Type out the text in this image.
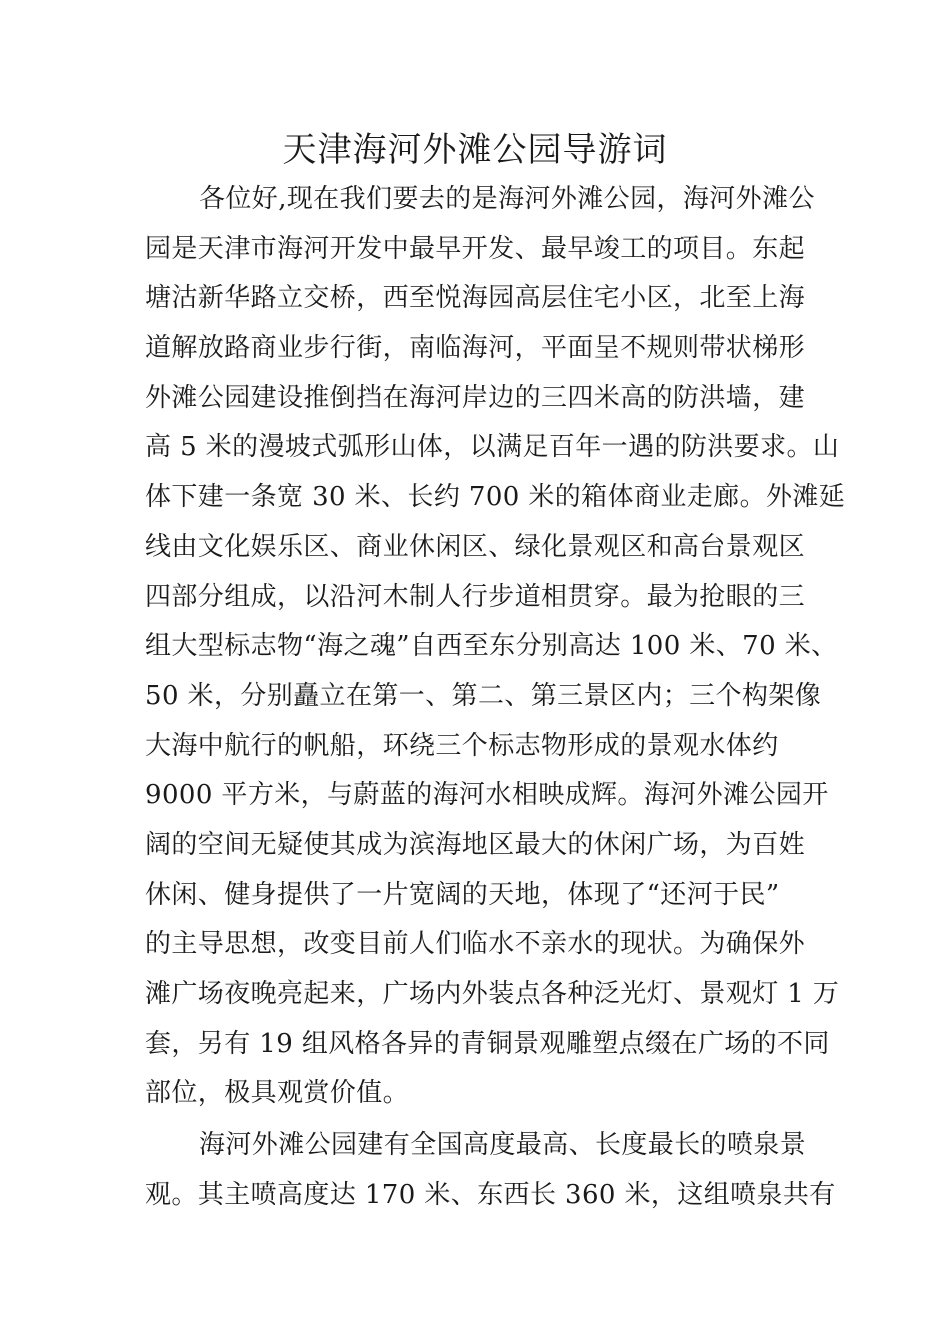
天津海河外滩公园导游词
各位好,现在我们要去的是海河外滩公园，海河外滩公
园是天津市海河开发中最早开发、最早竣工的项目。东起
塘沽新华路立交桥，西至悦海园高层住宅小区，北至上海
道解放路商业步行街，南临海河，平面呈不规则带状梯形
外滩公园建设推倒挡在海河岸边的三四米高的防洪墙，建
高 5 米的漫坡式弧形山体，以满足百年一遇的防洪要求。山
体下建一条宽 30 米、长约 700 米的箱体商业走廊。外滩延
线由文化娱乐区、商业休闲区、绿化景观区和高台景观区
四部分组成，以沿河木制人行步道相贯穿。最为抢眼的三
组大型标志物“海之魂”自西至东分别高达 100 米、70 米、
50 米，分别矗立在第一、第二、第三景区内；三个构架像
大海中航行的帆船，环绕三个标志物形成的景观水体约
9000 平方米，与蔚蓝的海河水相映成辉。海河外滩公园开
阔的空间无疑使其成为滨海地区最大的休闲广场，为百姓
休闲、健身提供了一片宽阔的天地，体现了“还河于民”
的主导思想，改变目前人们临水不亲水的现状。为确保外
滩广场夜晚亮起来，广场内外装点各种泛光灯、景观灯 1 万
套，另有 19 组风格各异的青铜景观雕塑点缀在广场的不同
部位，极具观赏价值。
海河外滩公园建有全国高度最高、长度最长的喷泉景
观。其主喷高度达 170 米、东西长 360 米，这组喷泉共有
